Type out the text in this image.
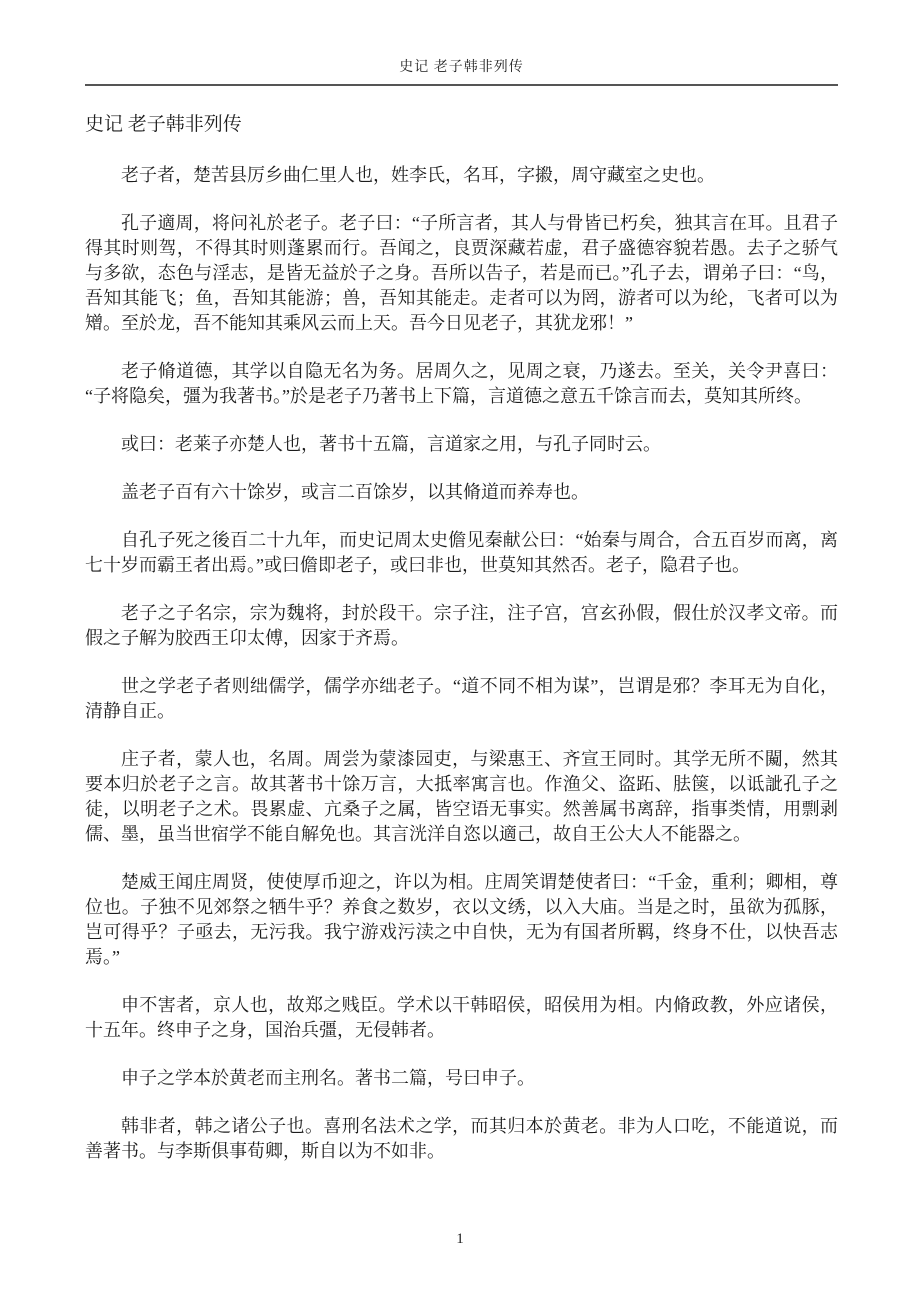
史记 老子韩非列传
史记 老子韩非列传

老子者，楚苦县厉乡曲仁里人也，姓李氏，名耳，字摋，周守藏室之史也。

孔子適周，将问礼於老子。老子曰：“子所言者，其人与骨皆已朽矣，独其言在耳。且君子得其时则驾，不得其时则蓬累而行。吾闻之，良贾深藏若虚，君子盛德容貌若愚。去子之骄气与多欲，态色与淫志，是皆无益於子之身。吾所以告子，若是而已。”孔子去，谓弟子曰：“鸟，吾知其能飞；鱼，吾知其能游；兽，吾知其能走。走者可以为罔，游者可以为纶，飞者可以为矰。至於龙，吾不能知其乘风云而上天。吾今日见老子，其犹龙邪！”

老子脩道德，其学以自隐无名为务。居周久之，见周之衰，乃遂去。至关，关令尹喜曰：“子将隐矣，彊为我著书。”於是老子乃著书上下篇，言道德之意五千馀言而去，莫知其所终。

或曰：老莱子亦楚人也，著书十五篇，言道家之用，与孔子同时云。

盖老子百有六十馀岁，或言二百馀岁，以其脩道而养寿也。

自孔子死之後百二十九年，而史记周太史儋见秦献公曰：“始秦与周合，合五百岁而离，离七十岁而霸王者出焉。”或曰儋即老子，或曰非也，世莫知其然否。老子，隐君子也。

老子之子名宗，宗为魏将，封於段干。宗子注，注子宫，宫玄孙假，假仕於汉孝文帝。而假之子解为胶西王卬太傅，因家于齐焉。

世之学老子者则绌儒学，儒学亦绌老子。“道不同不相为谋”，岂谓是邪？李耳无为自化，清静自正。

庄子者，蒙人也，名周。周尝为蒙漆园吏，与梁惠王、齐宣王同时。其学无所不闚，然其要本归於老子之言。故其著书十馀万言，大抵率寓言也。作渔父、盗跖、胠箧，以诋訿孔子之徒，以明老子之术。畏累虚、亢桑子之属，皆空语无事实。然善属书离辞，指事类情，用剽剥儒、墨，虽当世宿学不能自解免也。其言洸洋自恣以適己，故自王公大人不能器之。

楚威王闻庄周贤，使使厚币迎之，许以为相。庄周笑谓楚使者曰：“千金，重利；卿相，尊位也。子独不见郊祭之牺牛乎？养食之数岁，衣以文绣，以入大庙。当是之时，虽欲为孤豚，岂可得乎？子亟去，无污我。我宁游戏污渎之中自快，无为有国者所羁，终身不仕，以快吾志焉。”

申不害者，京人也，故郑之贱臣。学术以干韩昭侯，昭侯用为相。内脩政教，外应诸侯，十五年。终申子之身，国治兵彊，无侵韩者。

申子之学本於黄老而主刑名。著书二篇，号曰申子。

韩非者，韩之诸公子也。喜刑名法术之学，而其归本於黄老。非为人口吃，不能道说，而善著书。与李斯俱事荀卿，斯自以为不如非。

1
